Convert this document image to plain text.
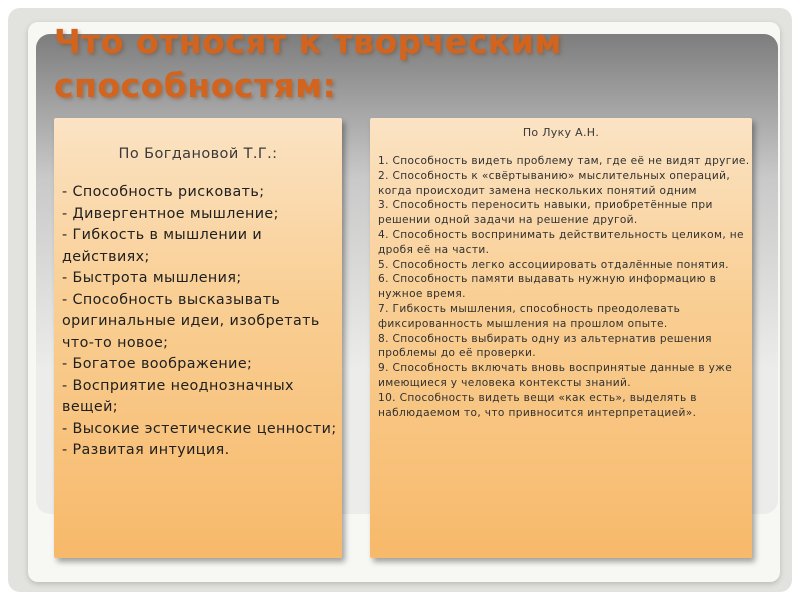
Что относят к творческим способностям:
По Богдановой Т.Г.:

- Способность рисковать;

- Дивергентное мышление;

- Гибкость в мышлении и действиях;

- Быстрота мышления;

- Способность высказывать оригинальные идеи, изобретать что-то новое;

- Богатое воображение;

- Восприятие неоднозначных вещей;

- Высокие эстетические ценности;

- Развитая интуиция.

По Луку А.Н.

1. Способность видеть проблему там, где её не видят другие.

2. Способность к «свёртыванию» мыслительных операций, когда происходит замена нескольких понятий одним

3. Способность переносить навыки, приобретённые при решении одной задачи на решение другой.

4. Способность воспринимать действительность целиком, не дробя её на части.

5. Способность легко ассоциировать отдалённые понятия.

6. Способность памяти выдавать нужную информацию в нужное время.

7. Гибкость мышления, способность преодолевать фиксированность мышления на прошлом опыте.

8. Способность выбирать одну из альтернатив решения проблемы до её проверки.

9. Способность включать вновь воспринятые данные в уже имеющиеся у человека контексты знаний.

10. Способность видеть вещи «как есть», выделять в наблюдаемом то, что привносится интерпретацией».
